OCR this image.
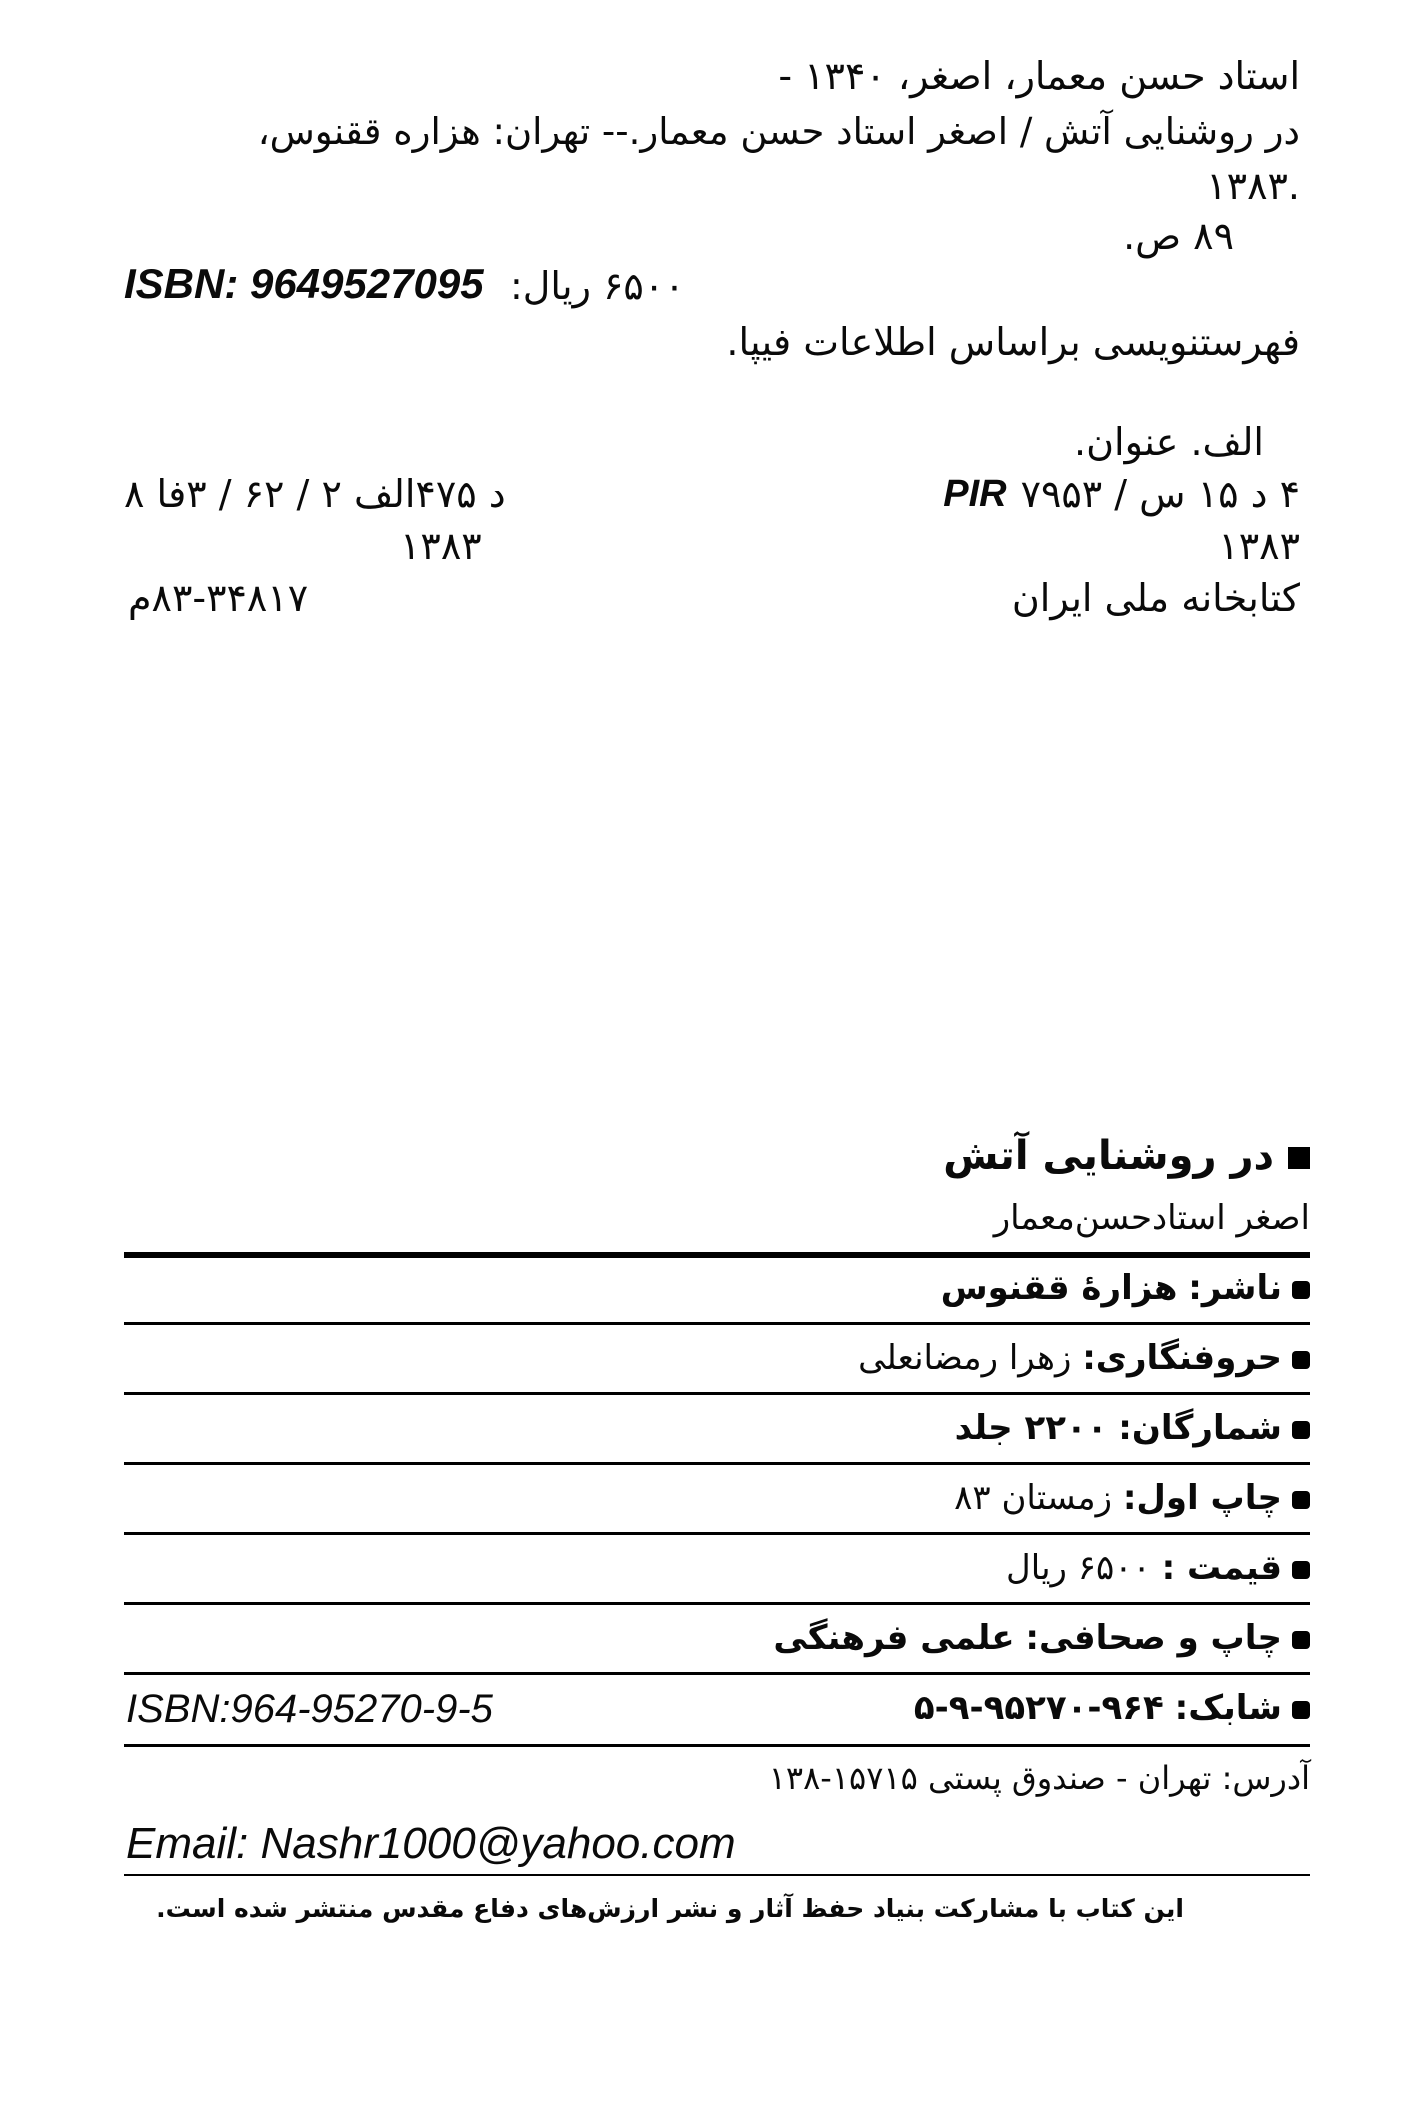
استاد حسن معمار، اصغر، ۱۳۴۰ -
در روشنایی آتش / اصغر استاد حسن معمار.-- تهران: هزاره ققنوس،
۱۳۸۳.
۸۹ ص.
ISBN: 9649527095 ۶۵۰۰ ریال:
فهرستنویسی براساس اطلاعات فیپا.
الف. عنوان.
PIR ۴ د ۱۵ س / ۷۹۵۳
۱۳۸۳
کتابخانه ملی ایران
د ۴۷۵الف ۲ / ۶۲ / ۳فا ۸
۱۳۸۳
۸۳-۳۴۸۱۷م
در روشنایی آتش
اصغر استادحسن‌معمار
ناشر: هزارهٔ ققنوس
حروفنگاری: زهرا رمضانعلی
شمارگان: ۲۲۰۰ جلد
چاپ اول: زمستان ۸۳
قیمت : ۶۵۰۰ ریال
چاپ و صحافی: علمی فرهنگی
شابک: ۹۶۴-۹۵۲۷۰-۹-۵
ISBN:964-95270-9-5
آدرس: تهران - صندوق پستی ۱۵۷۱۵-۱۳۸
Email: Nashr1000@yahoo.com
این کتاب با مشارکت بنیاد حفظ آثار و نشر ارزش‌های دفاع مقدس منتشر شده است.
